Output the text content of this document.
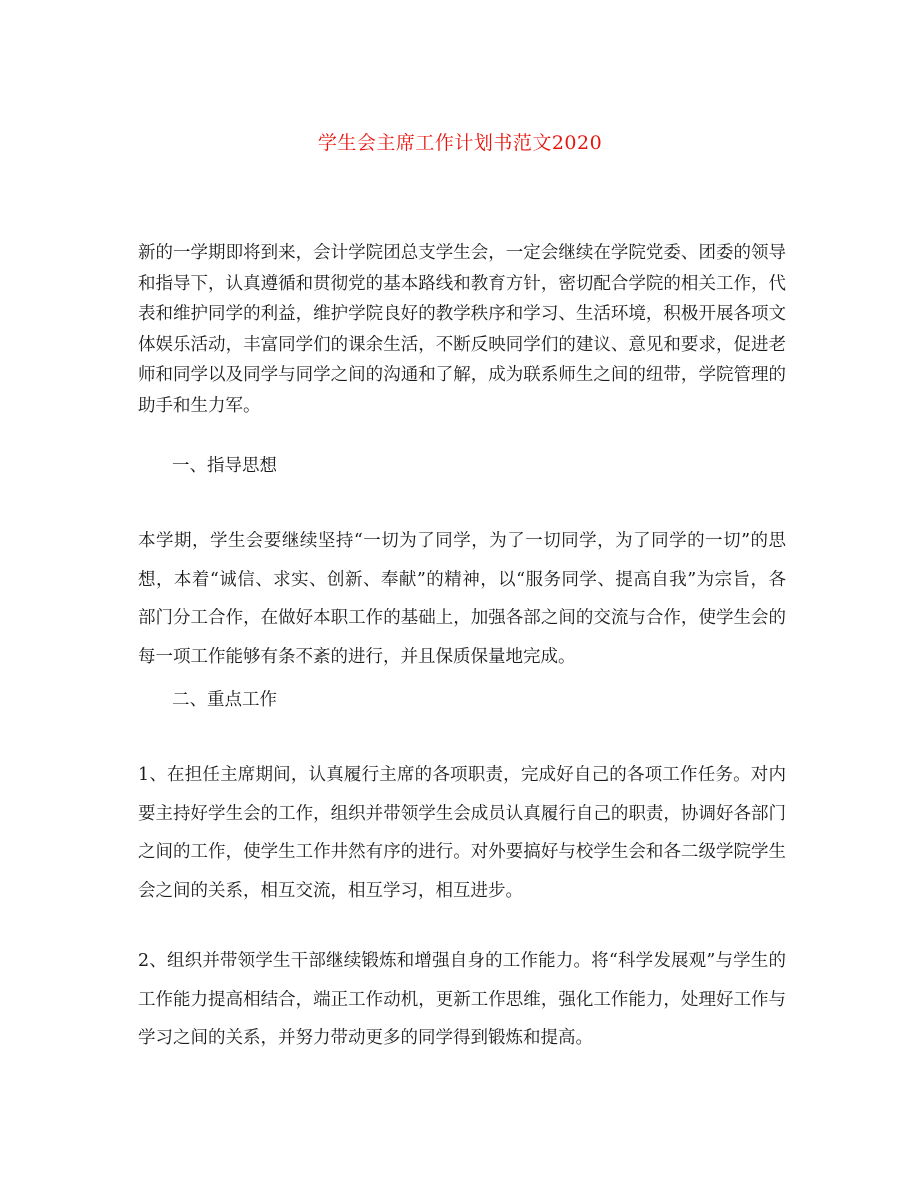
学生会主席工作计划书范文2020

新的一学期即将到来，会计学院团总支学生会，一定会继续在学院党委、团委的领导和指导下，认真遵循和贯彻党的基本路线和教育方针，密切配合学院的相关工作，代表和维护同学的利益，维护学院良好的教学秩序和学习、生活环境，积极开展各项文体娱乐活动，丰富同学们的课余生活，不断反映同学们的建议、意见和要求，促进老师和同学以及同学与同学之间的沟通和了解，成为联系师生之间的纽带，学院管理的助手和生力军。

一、指导思想

本学期，学生会要继续坚持“一切为了同学，为了一切同学，为了同学的一切”的思想，本着“诚信、求实、创新、奉献”的精神，以“服务同学、提高自我”为宗旨，各部门分工合作，在做好本职工作的基础上，加强各部之间的交流与合作，使学生会的每一项工作能够有条不紊的进行，并且保质保量地完成。

二、重点工作

1、在担任主席期间，认真履行主席的各项职责，完成好自己的各项工作任务。对内要主持好学生会的工作，组织并带领学生会成员认真履行自己的职责，协调好各部门之间的工作，使学生工作井然有序的进行。对外要搞好与校学生会和各二级学院学生会之间的关系，相互交流，相互学习，相互进步。

2、组织并带领学生干部继续锻炼和增强自身的工作能力。将“科学发展观”与学生的工作能力提高相结合，端正工作动机，更新工作思维，强化工作能力，处理好工作与学习之间的关系，并努力带动更多的同学得到锻炼和提高。
